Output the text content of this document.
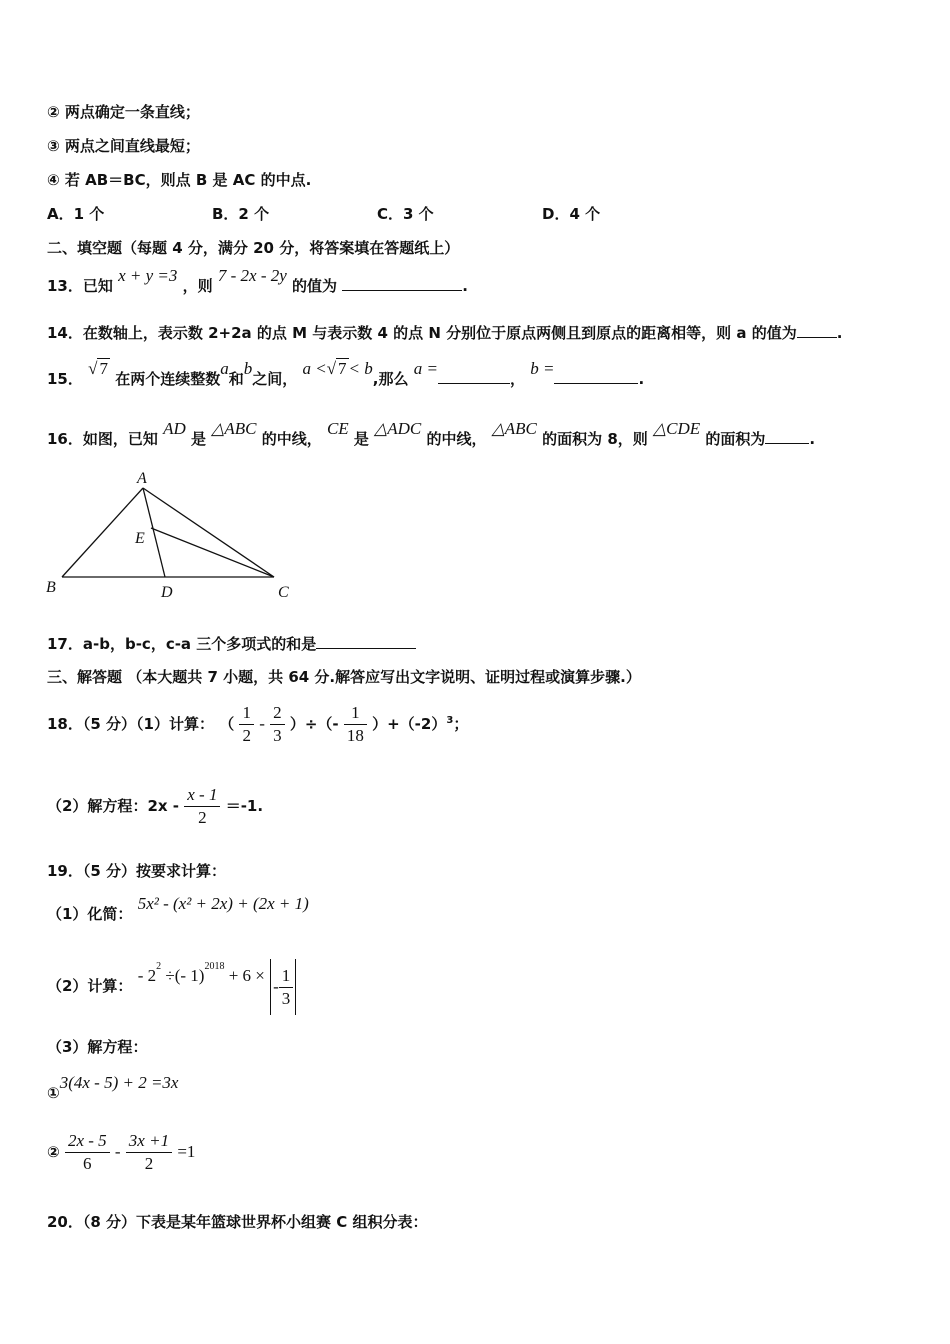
② 两点确定一条直线；
③ 两点之间直线最短；
④ 若 AB＝BC，则点 B 是 AC 的中点.
A．1 个	B．2 个	C．3 个	D．4 个
二、填空题（每题 4 分，满分 20 分，将答案填在答题纸上）
13．已知 x + y =3 ，则 7 - 2x - 2y 的值为	.
14．在数轴上，表示数 2+2a 的点 M 与表示数 4 的点 N 分别位于原点两侧且到原点的距离相等，则 a 的值为	.
15． √ 7 在两个连续整数a和b之间， a <√ 7 < b,那么 a =， b =.
16．如图，已知 AD 是 △ABC 的中线， CE 是 △ADC 的中线， △ABC 的面积为 8，则 △CDE 的面积为	.
A
B	C
D
E
17．a-b，b-c，c-a 三个多项式的和是
三、解答题 （本大题共 7 小题，共 64 分.解答应写出文字说明、证明过程或演算步骤.）
18．（5 分）（1）计算： （ $\frac{1}{2} - \frac{2}{3}$ ）÷（- $\frac{1}{18} )+(-2)^3$；
（2）解方程：$2x - \frac{x - 1}{2} =-1$.
19．（5 分）按要求计算：
（1）化简： 5x² - (x² + 2x) + (2x + 1)
（2）计算： - $2^2$ ÷(- 1)$^{2018}$ + 6 × - $\frac{1}{3}$
（3）解方程：
①3(4x - 5) + 2 =3x
② $\frac{2x - 5}{6} - \frac{3x +1}{2} =1$
20．（8 分）下表是某年篮球世界杯小组赛 C 组积分表：
